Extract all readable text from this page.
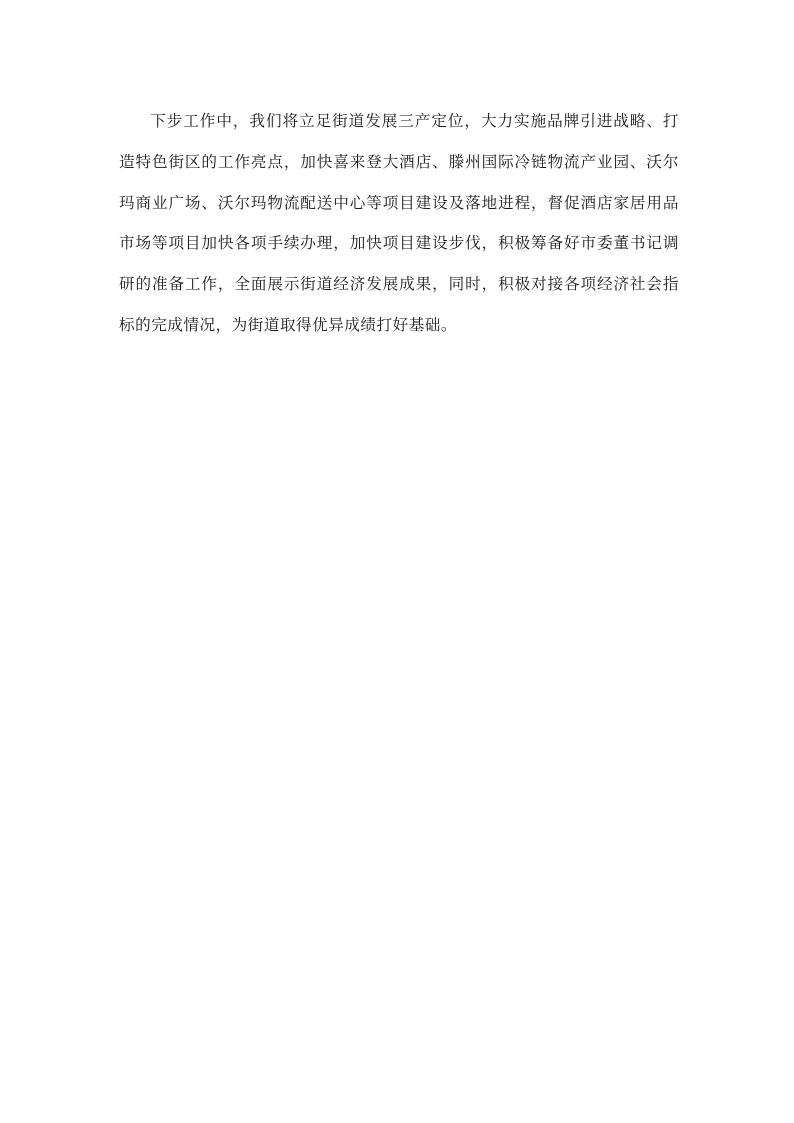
下步工作中，我们将立足街道发展三产定位，大力实施品牌引进战略、打造特色街区的工作亮点，加快喜来登大酒店、滕州国际冷链物流产业园、沃尔玛商业广场、沃尔玛物流配送中心等项目建设及落地进程，督促酒店家居用品市场等项目加快各项手续办理，加快项目建设步伐，积极筹备好市委董书记调研的准备工作，全面展示街道经济发展成果，同时，积极对接各项经济社会指标的完成情况，为街道取得优异成绩打好基础。
